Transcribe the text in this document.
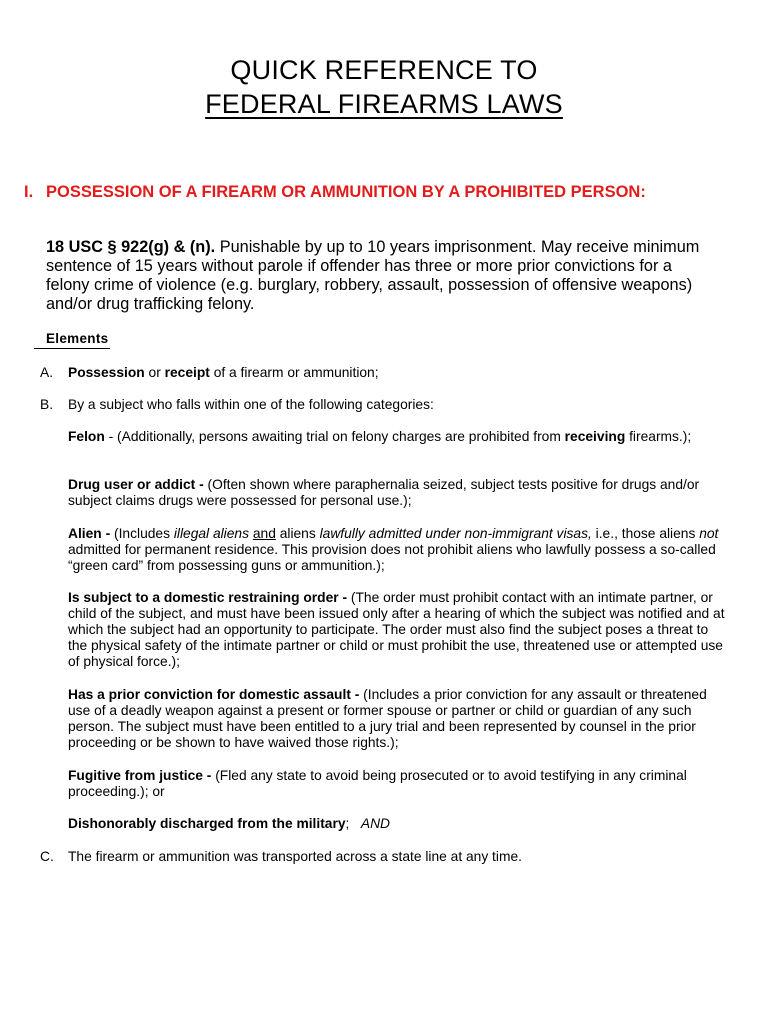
QUICK REFERENCE TO
FEDERAL FIREARMS LAWS
I. POSSESSION OF A FIREARM OR AMMUNITION BY A PROHIBITED PERSON:
18 USC § 922(g) & (n). Punishable by up to 10 years imprisonment. May receive minimum sentence of 15 years without parole if offender has three or more prior convictions for a felony crime of violence (e.g. burglary, robbery, assault, possession of offensive weapons) and/or drug trafficking felony.
Elements
A. Possession or receipt of a firearm or ammunition;
B. By a subject who falls within one of the following categories:
Felon - (Additionally, persons awaiting trial on felony charges are prohibited from receiving firearms.);
Drug user or addict - (Often shown where paraphernalia seized, subject tests positive for drugs and/or subject claims drugs were possessed for personal use.);
Alien - (Includes illegal aliens and aliens lawfully admitted under non-immigrant visas, i.e., those aliens not admitted for permanent residence. This provision does not prohibit aliens who lawfully possess a so-called “green card” from possessing guns or ammunition.);
Is subject to a domestic restraining order - (The order must prohibit contact with an intimate partner, or child of the subject, and must have been issued only after a hearing of which the subject was notified and at which the subject had an opportunity to participate. The order must also find the subject poses a threat to the physical safety of the intimate partner or child or must prohibit the use, threatened use or attempted use of physical force.);
Has a prior conviction for domestic assault - (Includes a prior conviction for any assault or threatened use of a deadly weapon against a present or former spouse or partner or child or guardian of any such person. The subject must have been entitled to a jury trial and been represented by counsel in the prior proceeding or be shown to have waived those rights.);
Fugitive from justice - (Fled any state to avoid being prosecuted or to avoid testifying in any criminal proceeding.); or
Dishonorably discharged from the military;   AND
C. The firearm or ammunition was transported across a state line at any time.
